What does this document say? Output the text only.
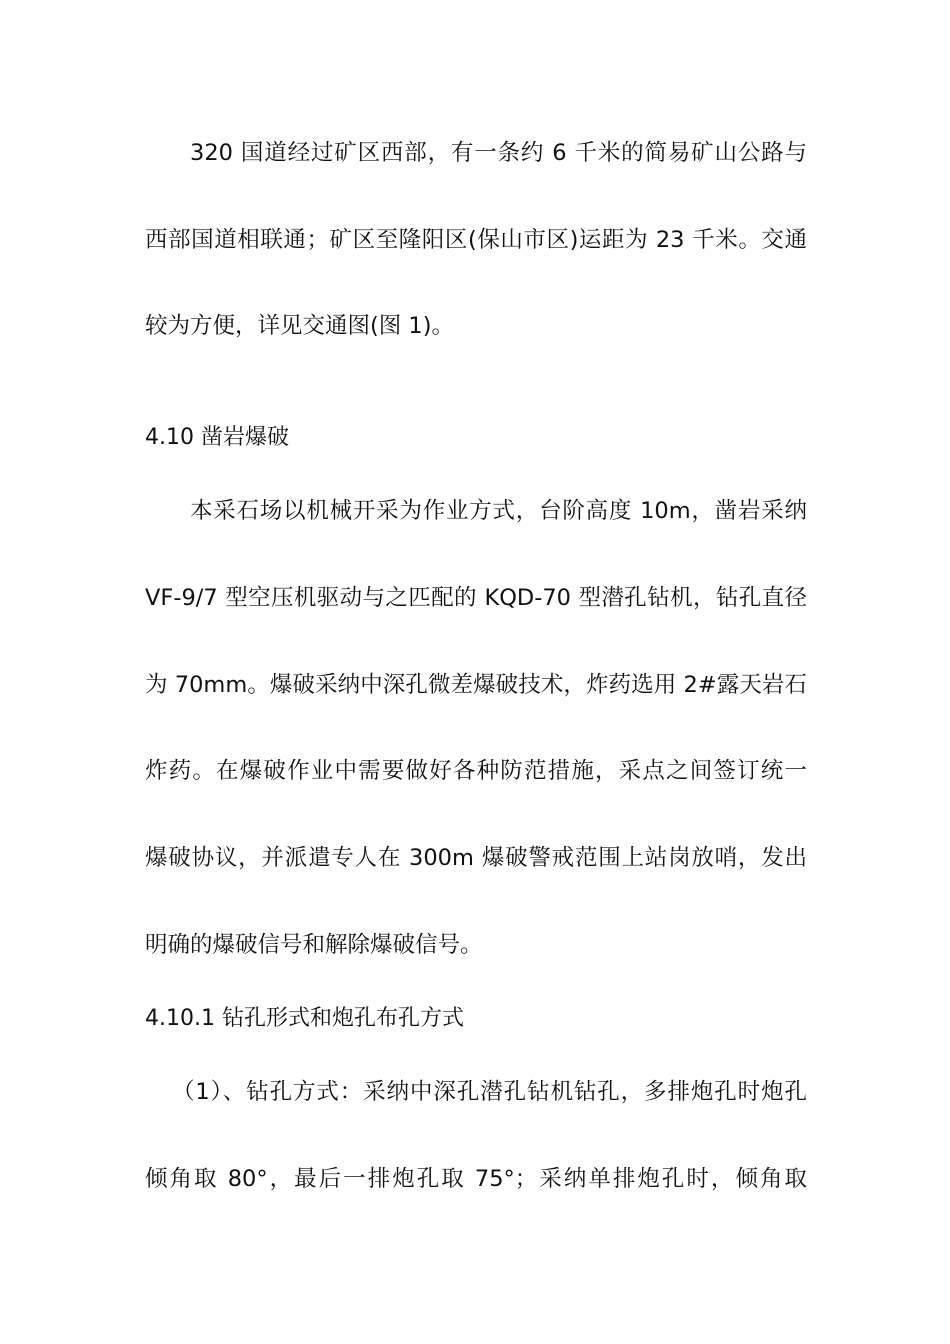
320 国道经过矿区西部，有一条约 6 千米的简易矿山公路与
西部国道相联通；矿区至隆阳区(保山市区)运距为 23 千米。交通
较为方便，详见交通图(图 1)。
4.10 凿岩爆破
本采石场以机械开采为作业方式，台阶高度 10m，凿岩采纳
VF-9/7 型空压机驱动与之匹配的 KQD-70 型潜孔钻机，钻孔直径
为 70mm。爆破采纳中深孔微差爆破技术，炸药选用 2#露天岩石
炸药。在爆破作业中需要做好各种防范措施，采点之间签订统一
爆破协议，并派遣专人在 300m 爆破警戒范围上站岗放哨，发出
明确的爆破信号和解除爆破信号。
4.10.1 钻孔形式和炮孔布孔方式
（1）、钻孔方式：采纳中深孔潜孔钻机钻孔，多排炮孔时炮孔
倾角取 80°，最后一排炮孔取 75°；采纳单排炮孔时，倾角取
